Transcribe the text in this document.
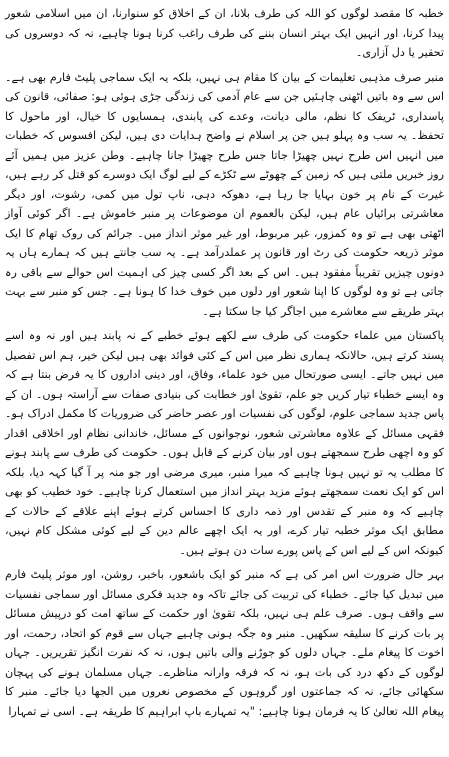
خطبہ کا مقصد لوگوں کو اللہ کی طرف بلانا، ان کے اخلاق کو سنوارنا، ان میں اسلامی شعور پیدا کرنا، اور انہیں ایک بہتر انسان بننے کی طرف راغب کرنا ہونا چاہیے، نہ کہ دوسروں کی تحقیر یا دل آزاری۔

منبر صرف مذہبی تعلیمات کے بیان کا مقام ہی نہیں، بلکہ یہ ایک سماجی پلیٹ فارم بھی ہے۔ اس سے وہ باتیں اٹھنی چاہئیں جن سے عام آدمی کی زندگی جڑی ہوئی ہو: صفائی، قانون کی پاسداری، ٹریفک کا نظم، مالی دیانت، وعدے کی پابندی، ہمسایوں کا خیال، اور ماحول کا تحفظ۔ یہ سب وہ پہلو ہیں جن پر اسلام نے واضح ہدایات دی ہیں، لیکن افسوس کہ خطبات میں انہیں اس طرح نہیں چھیڑا جاتا جس طرح چھیڑا جانا چاہیے۔ وطن عزیز میں ہمیں آئے روز خبریں ملتی ہیں کہ زمین کے چھوٹے سے ٹکڑے کے لیے لوگ ایک دوسرے کو قتل کر رہے ہیں، غیرت کے نام پر خون بہایا جا رہا ہے، دھوکہ دہی، ناپ تول میں کمی، رشوت، اور دیگر معاشرتی برائیاں عام ہیں، لیکن بالعموم ان موضوعات پر منبر خاموش ہے۔ اگر کوئی آواز اٹھتی بھی ہے تو وہ کمزور، غیر مربوط، اور غیر موثر انداز میں۔ جرائم کی روک تھام کا ایک موثر ذریعہ حکومت کی رٹ اور قانون پر عملدرآمد ہے۔ یہ سب جانتے ہیں کہ ہمارے ہاں یہ دونوں چیزیں تقریباً مفقود ہیں۔ اس کے بعد اگر کسی چیز کی اہمیت اس حوالے سے باقی رہ جاتی ہے تو وہ لوگوں کا اپنا شعور اور دلوں میں خوف خدا کا ہونا ہے۔ جس کو منبر سے بہت بہتر طریقے سے معاشرے میں اجاگر کیا جا سکتا ہے۔

پاکستان میں علماء حکومت کی طرف سے لکھے ہوئے خطبے کے نہ پابند ہیں اور نہ وہ اسے پسند کرتے ہیں، حالانکہ ہماری نظر میں اس کے کئی فوائد بھی ہیں لیکن خیر، ہم اس تفصیل میں نہیں جاتے۔ ایسی صورتحال میں خود علماء، وفاق، اور دینی اداروں کا یہ فرض بنتا ہے کہ وہ ایسے خطباء تیار کریں جو علم، تقویٰ اور خطابت کی بنیادی صفات سے آراستہ ہوں۔ ان کے پاس جدید سماجی علوم، لوگوں کی نفسیات اور عصر حاضر کی ضروریات کا مکمل ادراک ہو۔ فقہی مسائل کے علاوہ معاشرتی شعور، نوجوانوں کے مسائل، خاندانی نظام اور اخلاقی اقدار کو وہ اچھی طرح سمجھتے ہوں اور بیان کرنے کے قابل ہوں۔ حکومت کی طرف سے پابند ہونے کا مطلب یہ تو نہیں ہونا چاہیے کہ میرا منبر، میری مرضی اور جو منہ پر آ گیا کہہ دیا، بلکہ اس کو ایک نعمت سمجھتے ہوئے مزید بہتر انداز میں استعمال کرنا چاہیے۔ خود خطیب کو بھی چاہیے کہ وہ منبر کے تقدس اور ذمہ داری کا احساس کرتے ہوئے اپنے علاقے کے حالات کے مطابق ایک موثر خطبہ تیار کرے، اور یہ ایک اچھے عالم دین کے لیے کوئی مشکل کام نہیں، کیونکہ اس کے لیے اس کے پاس پورے سات دن ہوتے ہیں۔

بہر حال ضرورت اس امر کی ہے کہ منبر کو ایک باشعور، باخبر، روشن، اور موثر پلیٹ فارم میں تبدیل کیا جائے۔ خطباء کی تربیت کی جائے تاکہ وہ جدید فکری مسائل اور سماجی نفسیات سے واقف ہوں۔ صرف علم ہی نہیں، بلکہ تقویٰ اور حکمت کے ساتھ امت کو درپیش مسائل پر بات کرنے کا سلیقہ سکھیں۔ منبر وہ جگہ ہونی چاہیے جہاں سے قوم کو اتحاد، رحمت، اور اخوت کا پیغام ملے۔ جہاں دلوں کو جوڑنے والی باتیں ہوں، نہ کہ نفرت انگیز تقریریں۔ جہاں لوگوں کے دکھ درد کی بات ہو، نہ کہ فرقہ وارانہ مناظرے۔ جہاں مسلمان ہونے کی پہچان سکھائی جائے، نہ کہ جماعتوں اور گروہوں کے مخصوص نعروں میں الجھا دیا جائے۔ منبر کا پیغام اللہ تعالیٰ کا یہ فرمان ہونا چاہیے: "یہ تمہارے باپ ابراہیم کا طریقہ ہے۔ اسی نے تمہارا
